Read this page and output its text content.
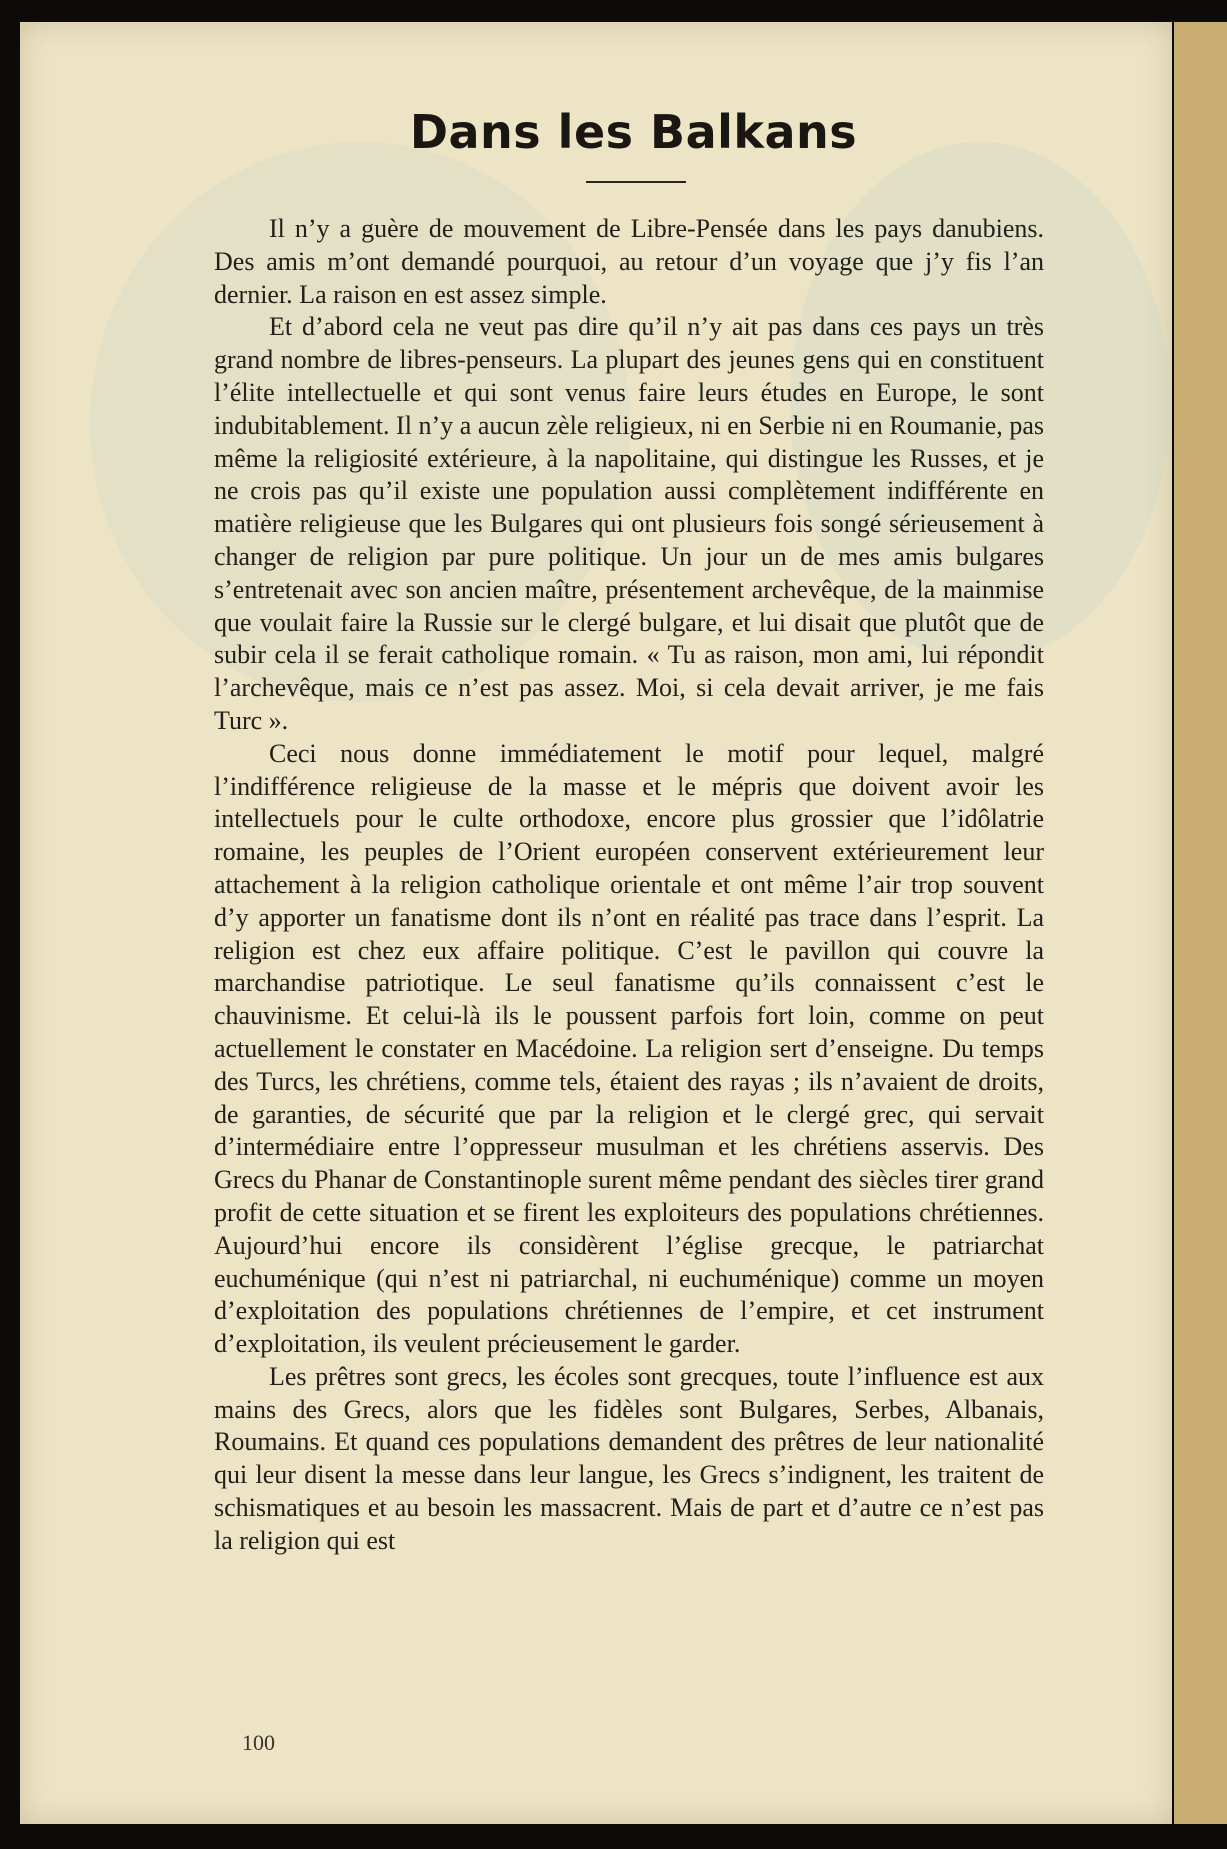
Dans les Balkans

Il n’y a guère de mouvement de Libre-Pensée dans les pays danubiens. Des amis m’ont demandé pourquoi, au retour d’un voyage que j’y fis l’an dernier. La raison en est assez simple.

Et d’abord cela ne veut pas dire qu’il n’y ait pas dans ces pays un très grand nombre de libres-penseurs. La plupart des jeunes gens qui en constituent l’élite intellectuelle et qui sont venus faire leurs études en Europe, le sont indubitablement. Il n’y a aucun zèle religieux, ni en Serbie ni en Roumanie, pas même la religiosité extérieure, à la napolitaine, qui distingue les Russes, et je ne crois pas qu’il existe une population aussi complètement indifférente en matière religieuse que les Bulgares qui ont plusieurs fois songé sérieusement à changer de religion par pure politique. Un jour un de mes amis bulgares s’entretenait avec son ancien maître, présentement archevêque, de la mainmise que voulait faire la Russie sur le clergé bulgare, et lui disait que plutôt que de subir cela il se ferait catholique romain. « Tu as raison, mon ami, lui répondit l’archevêque, mais ce n’est pas assez. Moi, si cela devait arriver, je me fais Turc ».

Ceci nous donne immédiatement le motif pour lequel, malgré l’indifférence religieuse de la masse et le mépris que doivent avoir les intellectuels pour le culte orthodoxe, encore plus grossier que l’idôlatrie romaine, les peuples de l’Orient européen conservent extérieurement leur attachement à la religion catholique orientale et ont même l’air trop souvent d’y apporter un fanatisme dont ils n’ont en réalité pas trace dans l’esprit. La religion est chez eux affaire politique. C’est le pavillon qui couvre la marchandise patriotique. Le seul fanatisme qu’ils connaissent c’est le chauvinisme. Et celui-là ils le poussent parfois fort loin, comme on peut actuellement le constater en Macédoine. La religion sert d’enseigne. Du temps des Turcs, les chrétiens, comme tels, étaient des rayas ; ils n’avaient de droits, de garanties, de sécurité que par la religion et le clergé grec, qui servait d’intermédiaire entre l’oppresseur musulman et les chrétiens asservis. Des Grecs du Phanar de Constantinople surent même pendant des siècles tirer grand profit de cette situation et se firent les exploiteurs des populations chrétiennes. Aujourd’hui encore ils considèrent l’église grecque, le patriarchat euchuménique (qui n’est ni patriarchal, ni euchuménique) comme un moyen d’exploitation des populations chrétiennes de l’empire, et cet instrument d’exploitation, ils veulent précieusement le garder.

Les prêtres sont grecs, les écoles sont grecques, toute l’influence est aux mains des Grecs, alors que les fidèles sont Bulgares, Serbes, Albanais, Roumains. Et quand ces populations demandent des prêtres de leur nationalité qui leur disent la messe dans leur langue, les Grecs s’indignent, les traitent de schismatiques et au besoin les massacrent. Mais de part et d’autre ce n’est pas la religion qui est

100
